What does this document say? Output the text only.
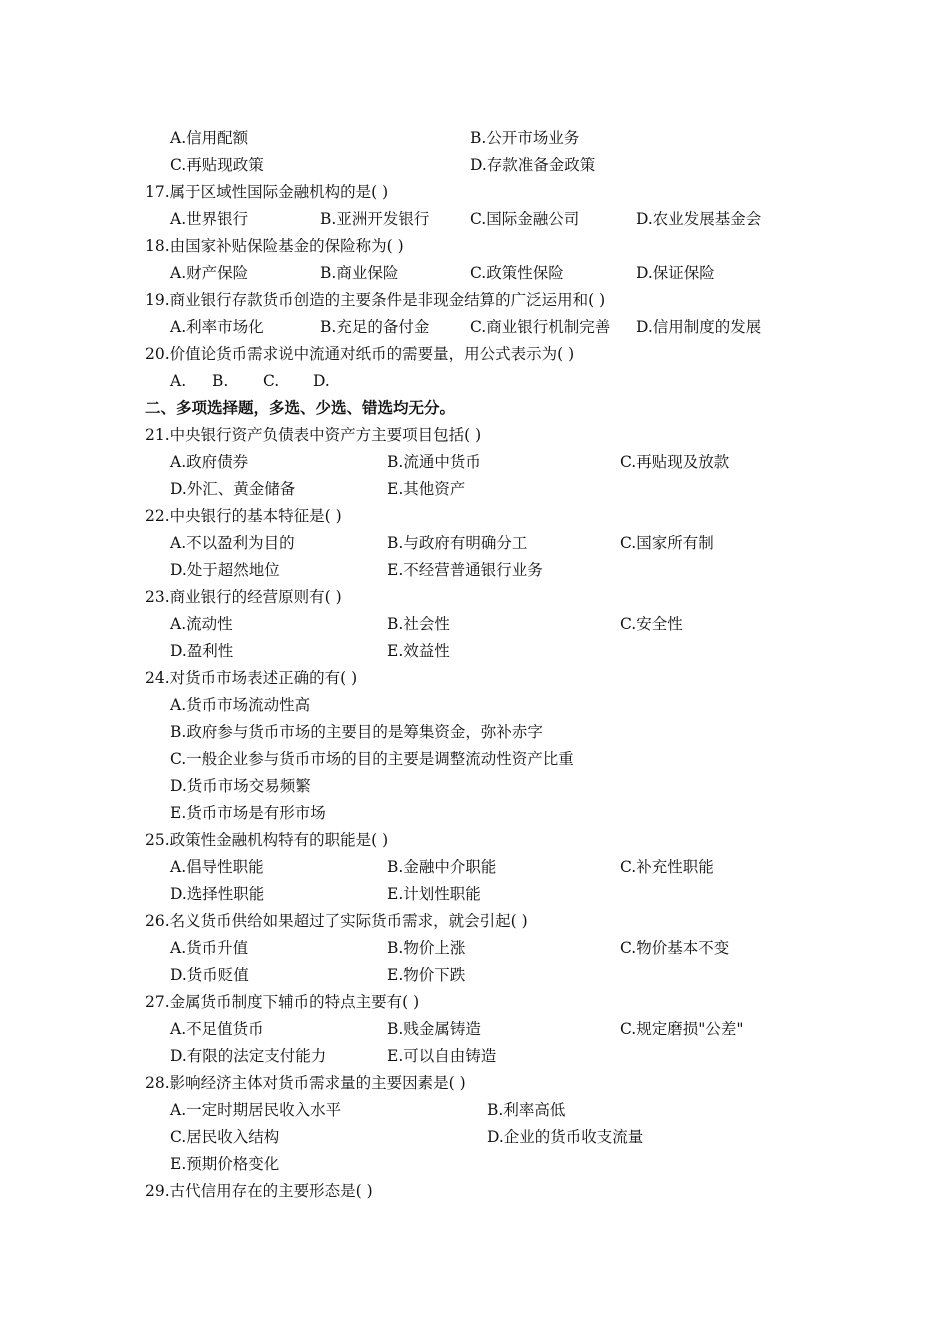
A.信用配额	B.公开市场业务
C.再贴现政策	D.存款准备金政策
17.属于区域性国际金融机构的是( )
A.世界银行	B.亚洲开发银行	C.国际金融公司	D.农业发展基金会
18.由国家补贴保险基金的保险称为( )
A.财产保险	B.商业保险	C.政策性保险	D.保证保险
19.商业银行存款货币创造的主要条件是非现金结算的广泛运用和( )
A.利率市场化	B.充足的备付金	C.商业银行机制完善 D.信用制度的发展
20.价值论货币需求说中流通对纸币的需要量，用公式表示为( )
A. B. C. D.
二、多项选择题，多选、少选、错选均无分。
21.中央银行资产负债表中资产方主要项目包括( )
A.政府债券	B.流通中货币	C.再贴现及放款
D.外汇、黄金储备	E.其他资产
22.中央银行的基本特征是( )
A.不以盈利为目的	B.与政府有明确分工	C.国家所有制
D.处于超然地位	E.不经营普通银行业务
23.商业银行的经营原则有( )
A.流动性	B.社会性	C.安全性
D.盈利性	E.效益性
24.对货币市场表述正确的有( )
A.货币市场流动性高
B.政府参与货币市场的主要目的是筹集资金，弥补赤字
C.一般企业参与货币市场的目的主要是调整流动性资产比重
D.货币市场交易频繁
E.货币市场是有形市场
25.政策性金融机构特有的职能是( )
A.倡导性职能	B.金融中介职能	C.补充性职能
D.选择性职能	E.计划性职能
26.名义货币供给如果超过了实际货币需求，就会引起( )
A.货币升值	B.物价上涨	C.物价基本不变
D.货币贬值	E.物价下跌
27.金属货币制度下辅币的特点主要有( )
A.不足值货币	B.贱金属铸造	C.规定磨损"公差"
D.有限的法定支付能力	E.可以自由铸造
28.影响经济主体对货币需求量的主要因素是( )
A.一定时期居民收入水平	B.利率高低
C.居民收入结构	D.企业的货币收支流量
E.预期价格变化
29.古代信用存在的主要形态是( )
